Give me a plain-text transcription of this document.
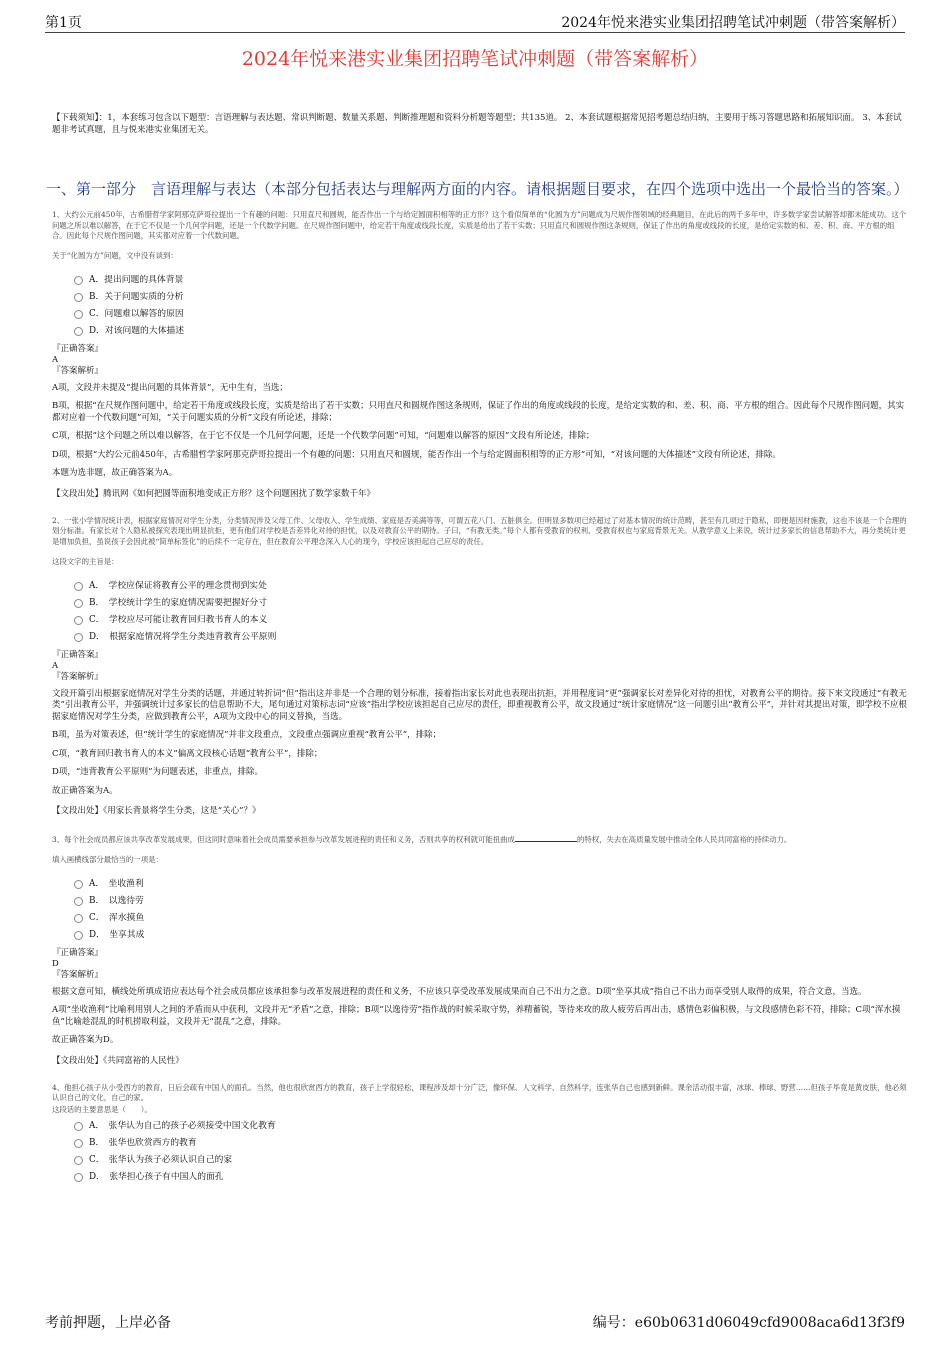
第1页	2024年悦来港实业集团招聘笔试冲刺题（带答案解析）
2024年悦来港实业集团招聘笔试冲刺题（带答案解析）

【下载须知】：1，本套练习包含以下题型：言语理解与表达题、常识判断题、数量关系题、判断推理题和资料分析题等题型；共135道。 2、本套试题根据常见招考题总结归纳，主要用于练习答题思路和拓展知识面。 3、本套试题非考试真题，且与悦来港实业集团无关。

一、第一部分　言语理解与表达（本部分包括表达与理解两方面的内容。请根据题目要求，在四个选项中选出一个最恰当的答案。）

1、大约公元前450年，古希腊哲学家阿那克萨哥拉提出一个有趣的问题：只用直尺和圆规，能否作出一个与给定圆面积相等的正方形？这个看似简单的“化圆为方”问题成为尺规作图领域的经典题目，在此后的两千多年中，许多数学家尝试解答却都未能成功。这个问题之所以难以解答，在于它不仅是一个几何学问题，还是一个代数学问题。在尺规作图问题中，给定若干角度或线段长度，实质是给出了若干实数；只用直尺和圆规作图这条规则，保证了作出的角度或线段的长度，是给定实数的和、差、积、商、平方根的组合。因此每个尺规作图问题，其实都对应着一个代数问题。

关于“化圆为方”问题，文中没有谈到：

A．提出问题的具体背景
B．关于问题实质的分析
C．问题难以解答的原因
D．对该问题的大体描述
『正确答案』
A
『答案解析』

A项，文段并未提及“提出问题的具体背景”，无中生有，当选；

B项，根据“在尺规作图问题中，给定若干角度或线段长度，实质是给出了若干实数；只用直尺和圆规作图这条规则，保证了作出的角度或线段的长度，是给定实数的和、差、积、商、平方根的组合。因此每个尺规作图问题，其实都对应着一个代数问题”可知，“关于问题实质的分析”文段有所论述，排除；

C项，根据“这个问题之所以难以解答，在于它不仅是一个几何学问题，还是一个代数学问题”可知，“问题难以解答的原因”文段有所论述，排除；

D项，根据“大约公元前450年，古希腊哲学家阿那克萨哥拉提出一个有趣的问题：只用直尺和圆规，能否作出一个与给定圆面积相等的正方形”可知，“对该问题的大体描述”文段有所论述，排除。

本题为选非题，故正确答案为A。

【文段出处】腾讯网《如何把圆等面积地变成正方形？这个问题困扰了数学家数千年》

2、一张小学情况统计表，根据家庭情况对学生分类，分类情况涉及父母工作、父母收入、学生成绩、家庭是否美满等等，可谓五花八门、五脏俱全。但明显多数项已经超过了对基本情况的统计范畴，甚至有几项过于隐私，即便是因材施教，这也不该是一个合理的划分标准。有家长对个人隐私被探究表现出明显抗拒，更有他们对学校是否差异化对待的担忧，以及对教育公平的期待。子曰，“有教无类。”每个人都有受教育的权利，受教育权也与家庭背景无关。从教学意义上来说，统计过多家长的信息帮助不大，再分类统计更是增加负担，虽说孩子会因此被“简单标签化”的后续不一定存在，但在教育公平理念深入人心的现今，学校应该担起自己应尽的责任。

这段文字的主旨是：

A．　学校应保证将教育公平的理念贯彻到实处
B．　学校统计学生的家庭情况需要把握好分寸
C．　学校应尽可能让教育回归教书育人的本义
D．　根据家庭情况将学生分类违背教育公平原则
『正确答案』
A
『答案解析』

文段开篇引出根据家庭情况对学生分类的话题，并通过转折词“但”指出这并非是一个合理的划分标准，接着指出家长对此也表现出抗拒，并用程度词“更”强调家长对差异化对待的担忧，对教育公平的期待。接下来文段通过“有教无类”引出教育公平，并强调统计过多家长的信息帮助不大，尾句通过对策标志词“应该”指出学校应该担起自己应尽的责任，即重视教育公平，故文段通过“统计家庭情况”这一问题引出“教育公平”，并针对其提出对策，即学校不应根据家庭情况对学生分类，应做到教育公平，A项为文段中心的同义替换，当选。

B项，虽为对策表述，但“统计学生的家庭情况”并非文段重点，文段重点强调应重视“教育公平”，排除；

C项，“教育回归教书育人的本义”偏离文段核心话题“教育公平”，排除；

D项，“违背教育公平原则”为问题表述，非重点，排除。

故正确答案为A。

【文段出处】《用家长背景将学生分类，这是“关心”？》

3、每个社会成员都应该共享改革发展成果，但这同时意味着社会成员需要承担参与改革发展进程的责任和义务，否则共享的权利就可能扭曲成	的特权，失去在高质量发展中推动全体人民共同富裕的持续动力。

填入画横线部分最恰当的一项是：

A．　坐收渔利
B．　以逸待劳
C．　浑水摸鱼
D．　坐享其成
『正确答案』
D
『答案解析』

根据文意可知，横线处所填成语应表达每个社会成员都应该承担参与改革发展进程的责任和义务，不应该只享受改革发展成果而自己不出力之意。D项“坐享其成”指自己不出力而享受别人取得的成果，符合文意，当选。

A项“坐收渔利”比喻利用别人之间的矛盾而从中获利，文段并无“矛盾”之意，排除；B项“以逸待劳”指作战的时候采取守势，养精蓄锐，等待来攻的敌人疲劳后再出击，感情色彩偏积极，与文段感情色彩不符，排除；C项“浑水摸鱼”比喻趁混乱的时机捞取利益，文段并无“混乱”之意，排除。

故正确答案为D。

【文段出处】《共同富裕的人民性》

4、他担心孩子从小受西方的教育，日后会疏有中国人的面孔。当然，他也很欣赏西方的教育，孩子上学很轻松，课程涉及却十分广泛，像环保、人文科学、自然科学，连张华自己也感到新鲜。课余活动很丰富，冰球、棒球、野营……但孩子毕竟是黄皮肤，他必须认识自己的文化，自己的家。

这段话的主要意思是（　　）。

A．　张华认为自己的孩子必须接受中国文化教育
B．　张华也欣赏西方的教育
C．　张华认为孩子必须认识自己的家
D．　张华担心孩子有中国人的面孔
考前押题，上岸必备	编号：e60b0631d06049cfd9008aca6d13f3f9
